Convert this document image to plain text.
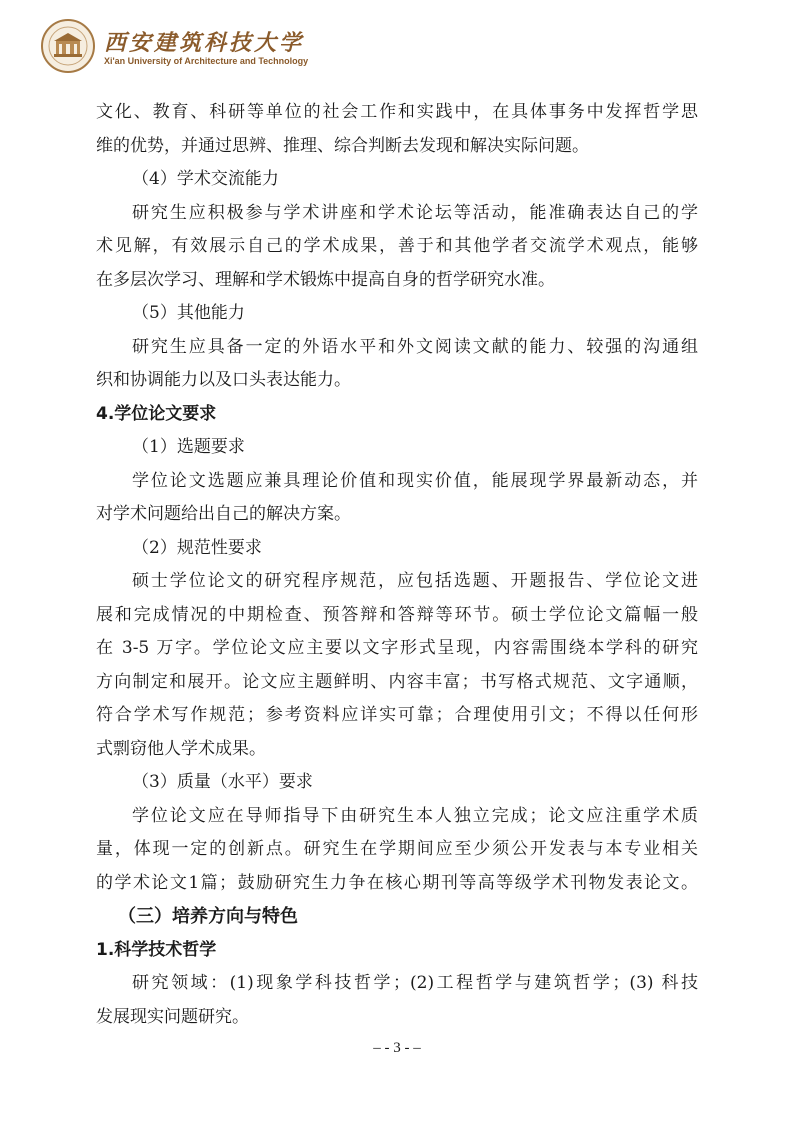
西安建筑科技大学
Xi'an University of Architecture and Technology
文化、教育、科研等单位的社会工作和实践中，在具体事务中发挥哲学思
维的优势，并通过思辨、推理、综合判断去发现和解决实际问题。
（4）学术交流能力
研究生应积极参与学术讲座和学术论坛等活动，能准确表达自己的学
术见解，有效展示自己的学术成果，善于和其他学者交流学术观点，能够
在多层次学习、理解和学术锻炼中提高自身的哲学研究水准。
（5）其他能力
研究生应具备一定的外语水平和外文阅读文献的能力、较强的沟通组
织和协调能力以及口头表达能力。
4.学位论文要求
（1）选题要求
学位论文选题应兼具理论价值和现实价值，能展现学界最新动态，并
对学术问题给出自己的解决方案。
（2）规范性要求
硕士学位论文的研究程序规范，应包括选题、开题报告、学位论文进
展和完成情况的中期检查、预答辩和答辩等环节。硕士学位论文篇幅一般
在 3-5 万字。学位论文应主要以文字形式呈现，内容需围绕本学科的研究
方向制定和展开。论文应主题鲜明、内容丰富；书写格式规范、文字通顺，
符合学术写作规范；参考资料应详实可靠；合理使用引文；不得以任何形
式剽窃他人学术成果。
（3）质量（水平）要求
学位论文应在导师指导下由研究生本人独立完成；论文应注重学术质
量，体现一定的创新点。研究生在学期间应至少须公开发表与本专业相关
的学术论文1篇；鼓励研究生力争在核心期刊等高等级学术刊物发表论文。
（三）培养方向与特色
1.科学技术哲学
研究领域：(1)现象学科技哲学；(2)工程哲学与建筑哲学；(3) 科技
发展现实问题研究。
– - 3 - –
